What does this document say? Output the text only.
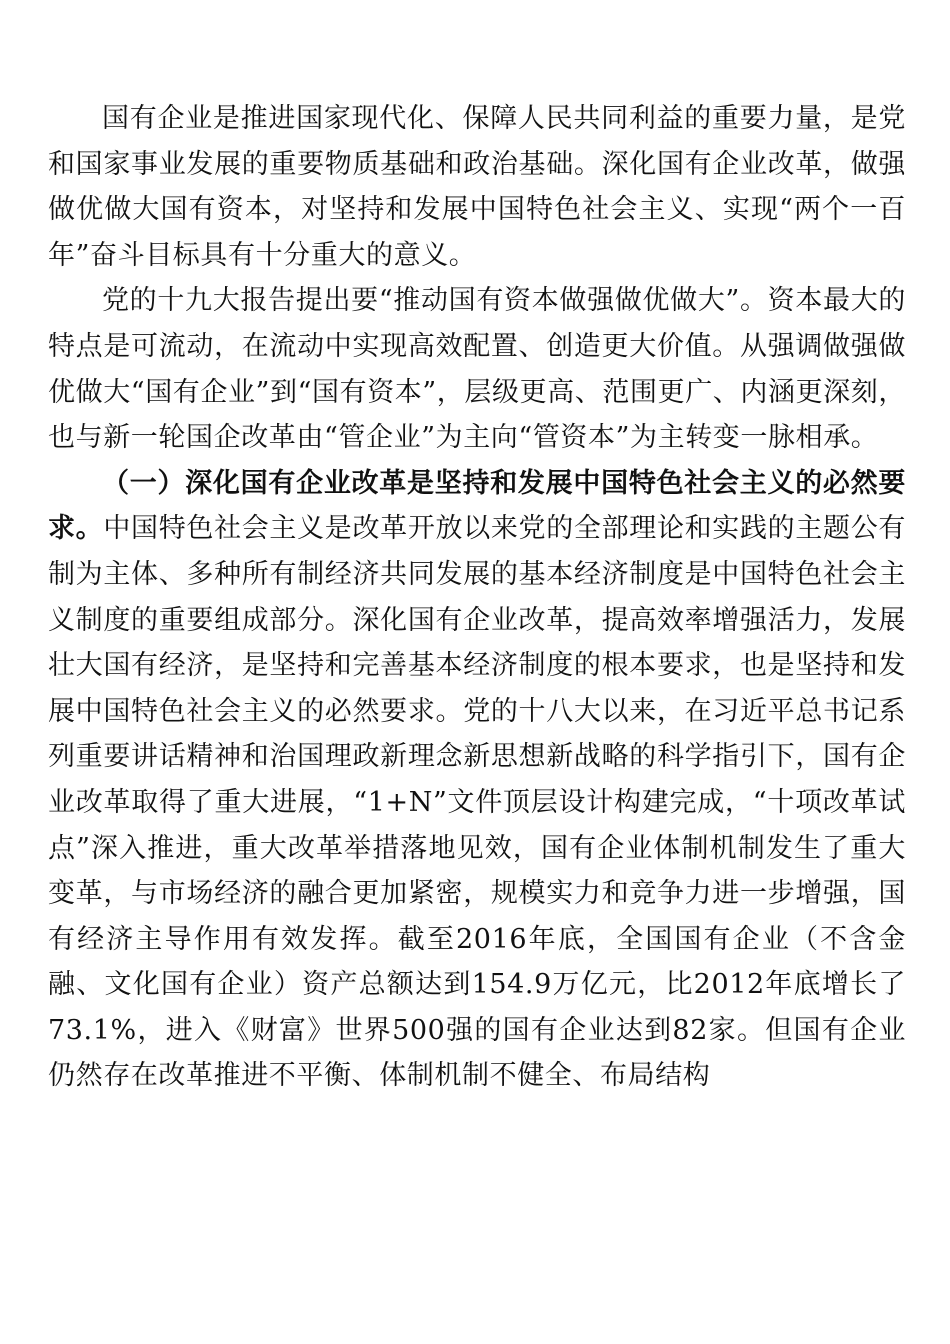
国有企业是推进国家现代化、保障人民共同利益的重要力量，是党和国家事业发展的重要物质基础和政治基础。深化国有企业改革，做强做优做大国有资本，对坚持和发展中国特色社会主义、实现“两个一百年”奋斗目标具有十分重大的意义。

党的十九大报告提出要“推动国有资本做强做优做大”。资本最大的特点是可流动，在流动中实现高效配置、创造更大价值。从强调做强做优做大“国有企业”到“国有资本”，层级更高、范围更广、内涵更深刻，也与新一轮国企改革由“管企业”为主向“管资本”为主转变一脉相承。

（一）深化国有企业改革是坚持和发展中国特色社会主义的必然要求。中国特色社会主义是改革开放以来党的全部理论和实践的主题公有制为主体、多种所有制经济共同发展的基本经济制度是中国特色社会主义制度的重要组成部分。深化国有企业改革，提高效率增强活力，发展壮大国有经济，是坚持和完善基本经济制度的根本要求，也是坚持和发展中国特色社会主义的必然要求。党的十八大以来，在习近平总书记系列重要讲话精神和治国理政新理念新思想新战略的科学指引下，国有企业改革取得了重大进展，“1+N”文件顶层设计构建完成，“十项改革试点”深入推进，重大改革举措落地见效，国有企业体制机制发生了重大变革，与市场经济的融合更加紧密，规模实力和竞争力进一步增强，国有经济主导作用有效发挥。截至2016年底，全国国有企业（不含金融、文化国有企业）资产总额达到154.9万亿元，比2012年底增长了73.1%，进入《财富》世界500强的国有企业达到82家。但国有企业仍然存在改革推进不平衡、体制机制不健全、布局结构
